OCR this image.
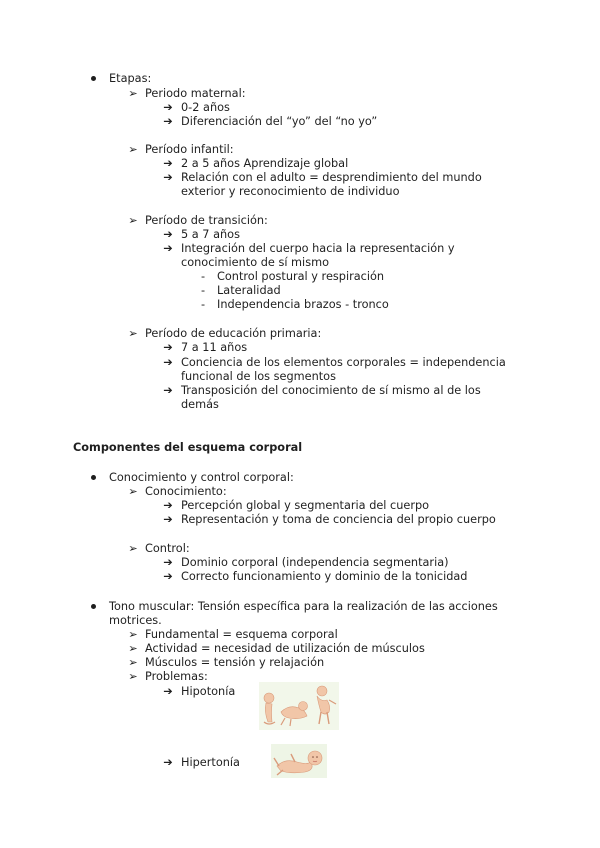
Etapas:
➢ Periodo maternal:
➔ 0-2 años
➔ Diferenciación del “yo” del “no yo”
➢ Período infantil:
➔ 2 a 5 años Aprendizaje global
➔ Relación con el adulto = desprendimiento del mundo
exterior y reconocimiento de individuo
➢ Período de transición:
➔ 5 a 7 años
➔ Integración del cuerpo hacia la representación y
conocimiento de sí mismo
-	Control postural y respiración
-	Lateralidad
-	Independencia brazos - tronco
➢ Período de educación primaria:
➔ 7 a 11 años
➔ Conciencia de los elementos corporales = independencia
funcional de los segmentos
➔ Transposición del conocimiento de sí mismo al de los
demás
Componentes del esquema corporal
Conocimiento y control corporal:
➢ Conocimiento:
➔ Percepción global y segmentaria del cuerpo
➔ Representación y toma de conciencia del propio cuerpo
➢ Control:
➔ Dominio corporal (independencia segmentaria)
➔ Correcto funcionamiento y dominio de la tonicidad
Tono muscular: Tensión específica para la realización de las acciones
motrices.
➢ Fundamental = esquema corporal
➢ Actividad = necesidad de utilización de músculos
➢ Músculos = tensión y relajación
➢ Problemas:
➔ Hipotonía
➔ Hipertonía
